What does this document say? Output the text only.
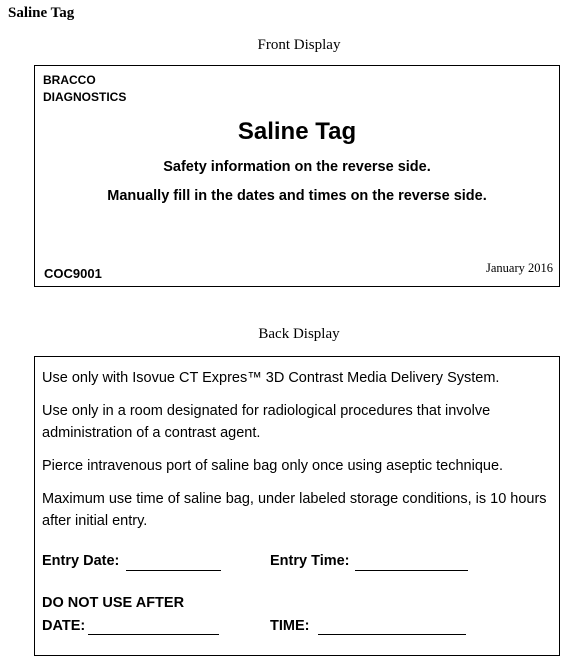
Saline Tag
Front Display
BRACCO
DIAGNOSTICS
Saline Tag
Safety information on the reverse side.
Manually fill in the dates and times on the reverse side.
COC9001	January 2016
Back Display
Use only with Isovue CT Expres™ 3D Contrast Media Delivery System.
Use only in a room designated for radiological procedures that involve administration of a contrast agent.
Pierce intravenous port of saline bag only once using aseptic technique.
Maximum use time of saline bag, under labeled storage conditions, is 10 hours after initial entry.
Entry Date:	Entry Time:
DO NOT USE AFTER
DATE:	TIME:
